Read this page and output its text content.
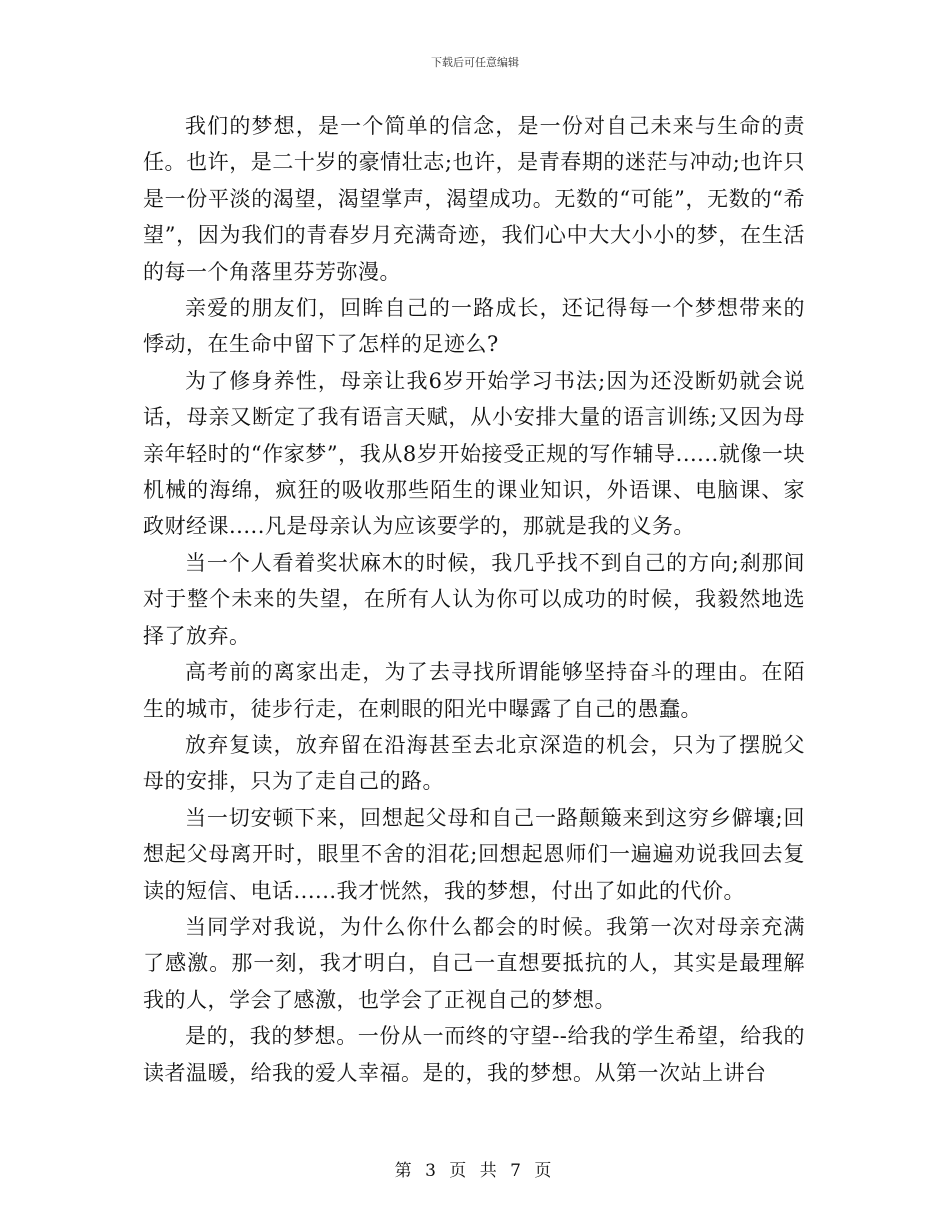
下载后可任意编辑

我们的梦想，是一个简单的信念，是一份对自己未来与生命的责任。也许，是二十岁的豪情壮志;也许，是青春期的迷茫与冲动;也许只是一份平淡的渴望，渴望掌声，渴望成功。无数的“可能”，无数的“希望”，因为我们的青春岁月充满奇迹，我们心中大大小小的梦，在生活的每一个角落里芬芳弥漫。

亲爱的朋友们，回眸自己的一路成长，还记得每一个梦想带来的悸动，在生命中留下了怎样的足迹么?

为了修身养性，母亲让我6岁开始学习书法;因为还没断奶就会说话，母亲又断定了我有语言天赋，从小安排大量的语言训练;又因为母亲年轻时的“作家梦”，我从8岁开始接受正规的写作辅导......就像一块机械的海绵，疯狂的吸收那些陌生的课业知识，外语课、电脑课、家政财经课.....凡是母亲认为应该要学的，那就是我的义务。

当一个人看着奖状麻木的时候，我几乎找不到自己的方向;刹那间对于整个未来的失望，在所有人认为你可以成功的时候，我毅然地选择了放弃。

高考前的离家出走，为了去寻找所谓能够坚持奋斗的理由。在陌生的城市，徒步行走，在刺眼的阳光中曝露了自己的愚蠢。

放弃复读，放弃留在沿海甚至去北京深造的机会，只为了摆脱父母的安排，只为了走自己的路。

当一切安顿下来，回想起父母和自己一路颠簸来到这穷乡僻壤;回想起父母离开时，眼里不舍的泪花;回想起恩师们一遍遍劝说我回去复读的短信、电话......我才恍然，我的梦想，付出了如此的代价。

当同学对我说，为什么你什么都会的时候。我第一次对母亲充满了感激。那一刻，我才明白，自己一直想要抵抗的人，其实是最理解我的人，学会了感激，也学会了正视自己的梦想。

是的，我的梦想。一份从一而终的守望--给我的学生希望，给我的读者温暖，给我的爱人幸福。是的，我的梦想。从第一次站上讲台

第 3 页 共 7 页
